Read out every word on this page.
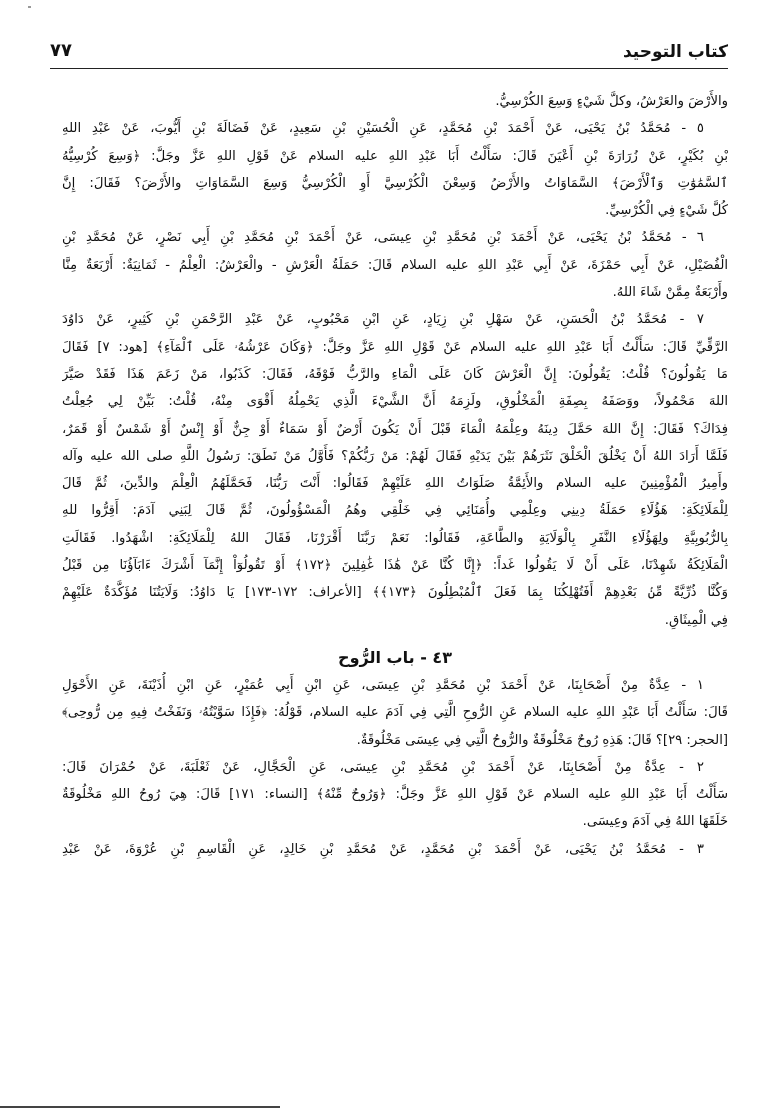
كتاب التوحيد
٧٧
والأَرْضَ والعَرْشُ، وكلَّ شَيْءٍ وَسِعَ الكُرْسِيُّ.
٥ - مُحَمَّدُ بْنُ يَحْيَى، عَنْ أَحْمَدَ بْنِ مُحَمَّدٍ، عَنِ الْحُسَيْنِ بْنِ سَعِيدٍ، عَنْ فَضَالَةَ بْنِ أَيُّوبَ، عَنْ عَبْدِ اللهِ
بْنِ بُكَيْرٍ، عَنْ زُرَارَةَ بْنِ أَعْيَنَ قَالَ: سَأَلْتُ أَبَا عَبْدِ اللهِ عليه السلام عَنْ قَوْلِ اللهِ عَزَّ وجَلَّ: ﴿وَسِعَ كُرْسِيُّهُ
ٱلسَّمَٰوَٰتِ وَٱلْأَرْضَ﴾ السَّمَاوَاتُ والأَرْضُ وَسِعْنَ الْكُرْسِيَّ أَوِ الْكُرْسِيُّ وَسِعَ السَّمَاوَاتِ والأَرْضَ؟ فَقَالَ: إِنَّ
كُلَّ شَيْءٍ فِي الْكُرْسِيِّ.
٦ - مُحَمَّدُ بْنُ يَحْيَى، عَنْ أَحْمَدَ بْنِ مُحَمَّدِ بْنِ عِيسَى، عَنْ أَحْمَدَ بْنِ مُحَمَّدِ بْنِ أَبِي نَصْرٍ، عَنْ مُحَمَّدِ بْنِ
الْفُضَيْلِ، عَنْ أَبِي حَمْزَةَ، عَنْ أَبِي عَبْدِ اللهِ عليه السلام قَالَ: حَمَلَةُ الْعَرْشِ - والْعَرْشُ: الْعِلْمُ - ثَمَانِيَةٌ: أَرْبَعَةٌ مِنَّا
وأَرْبَعَةٌ مِمَّنْ شَاءَ اللهُ.
٧ - مُحَمَّدُ بْنُ الْحَسَنِ، عَنْ سَهْلِ بْنِ زِيَادٍ، عَنِ ابْنِ مَحْبُوبٍ، عَنْ عَبْدِ الرَّحْمَنِ بْنِ كَثِيرٍ، عَنْ دَاوُدَ
الرَّقِّيِّ قَالَ: سَأَلْتُ أَبَا عَبْدِ اللهِ عليه السلام عَنْ قَوْلِ اللهِ عَزَّ وجَلَّ: ﴿وَكَانَ عَرْشُهُۥ عَلَى ٱلْمَآءِ﴾ [هود: ٧] فَقَالَ
مَا يَقُولُونَ؟ قُلْتُ: يَقُولُونَ: إِنَّ الْعَرْشَ كَانَ عَلَى الْمَاءِ والرَّبُّ فَوْقَهُ، فَقَالَ: كَذَبُوا، مَنْ زَعَمَ هَذَا فَقَدْ صَيَّرَ
اللهَ مَحْمُولاً، ووَصَفَهُ بِصِفَةِ الْمَخْلُوقِ، ولَزِمَهُ أَنَّ الشَّيْءَ الَّذِي يَحْمِلُهُ أَقْوَى مِنْهُ، قُلْتُ: بَيِّنْ لِي جُعِلْتُ
فِدَاكَ؟ فَقَالَ: إِنَّ اللهَ حَمَّلَ دِينَهُ وعِلْمَهُ الْمَاءَ قَبْلَ أَنْ يَكُونَ أَرْضٌ أَوْ سَمَاءٌ أَوْ جِنٌّ أَوْ إِنْسٌ أَوْ شَمْسٌ أَوْ قَمَرٌ،
فَلَمَّا أَرَادَ اللهُ أَنْ يَخْلُقَ الْخَلْقَ نَثَرَهُمْ بَيْنَ يَدَيْهِ فَقَالَ لَهُمْ: مَنْ رَبُّكُمْ؟ فَأَوَّلُ مَنْ نَطَقَ: رَسُولُ اللَّهِ صلى الله عليه وآله
وأَمِيرُ الْمُؤْمِنِينَ عليه السلام والأَئِمَّةُ صَلَوَاتُ اللهِ عَلَيْهِمْ فَقَالُوا: أَنْتَ رَبُّنَا، فَحَمَّلَهُمُ الْعِلْمَ والدِّينَ، ثُمَّ قَالَ
لِلْمَلَائِكَةِ: هَؤُلَاءِ حَمَلَةُ دِينِي وعِلْمِي وأُمَنَائِي فِي خَلْقِي وهُمُ الْمَسْؤُولُونَ، ثُمَّ قَالَ لِبَنِي آدَمَ: أَقِرُّوا للهِ
بِالرُّبُوبِيَّةِ ولِهَؤُلَاءِ النَّفَرِ بِالْوَلَايَةِ والطَّاعَةِ، فَقَالُوا: نَعَمْ رَبَّنَا أَقْرَرْنَا، فَقَالَ اللهُ لِلْمَلَائِكَةِ: اشْهَدُوا. فَقَالَتِ
الْمَلَائِكَةُ شَهِدْنَا، عَلَى أَنْ لَا يَقُولُوا غَداً: ﴿إِنَّا كُنَّا عَنْ هَٰذَا غَٰفِلِينَ ﴿١٧٢﴾ أَوْ تَقُولُوٓاْ إِنَّمَآ أَشْرَكَ ءَابَآؤُنَا مِن قَبْلُ
وَكُنَّا ذُرِّيَّةً مِّنۢ بَعْدِهِمْ أَفَتُهْلِكُنَا بِمَا فَعَلَ ٱلْمُبْطِلُونَ ﴿١٧٣﴾﴾ [الأعراف: ١٧٢-١٧٣] يَا دَاوُدُ: وَلَايَتُنَا مُؤَكَّدَةٌ عَلَيْهِمْ
فِي الْمِيثَاقِ.
٤٣ - باب الرُّوح
١ - عِدَّةٌ مِنْ أَصْحَابِنَا، عَنْ أَحْمَدَ بْنِ مُحَمَّدِ بْنِ عِيسَى، عَنِ ابْنِ أَبِي عُمَيْرٍ، عَنِ ابْنِ أُذَيْنَةَ، عَنِ الأَحْوَلِ
قَالَ: سَأَلْتُ أَبَا عَبْدِ اللهِ عليه السلام عَنِ الرُّوحِ الَّتِي فِي آدَمَ عليه السلام، قَوْلُهُ: ﴿فَإِذَا سَوَّيْتُهُۥ وَنَفَخْتُ فِيهِ مِن رُّوحِى﴾
[الحجر: ٢٩]؟ قَالَ: هَذِهِ رُوحٌ مَخْلُوقَةٌ والرُّوحُ الَّتِي فِي عِيسَى مَخْلُوقَةٌ.
٢ - عِدَّةٌ مِنْ أَصْحَابِنَا، عَنْ أَحْمَدَ بْنِ مُحَمَّدِ بْنِ عِيسَى، عَنِ الْحَجَّالِ، عَنْ ثَعْلَبَةَ، عَنْ حُمْرَانَ قَالَ:
سَأَلْتُ أَبَا عَبْدِ اللهِ عليه السلام عَنْ قَوْلِ اللهِ عَزَّ وجَلَّ: ﴿وَرُوحٌ مِّنْهُ﴾ [النساء: ١٧١] قَالَ: هِيَ رُوحُ اللهِ مَخْلُوقَةٌ
خَلَقَهَا اللهُ فِي آدَمَ وعِيسَى.
٣ - مُحَمَّدُ بْنُ يَحْيَى، عَنْ أَحْمَدَ بْنِ مُحَمَّدٍ، عَنْ مُحَمَّدِ بْنِ خَالِدٍ، عَنِ الْقَاسِمِ بْنِ عُرْوَةَ، عَنْ عَبْدِ
